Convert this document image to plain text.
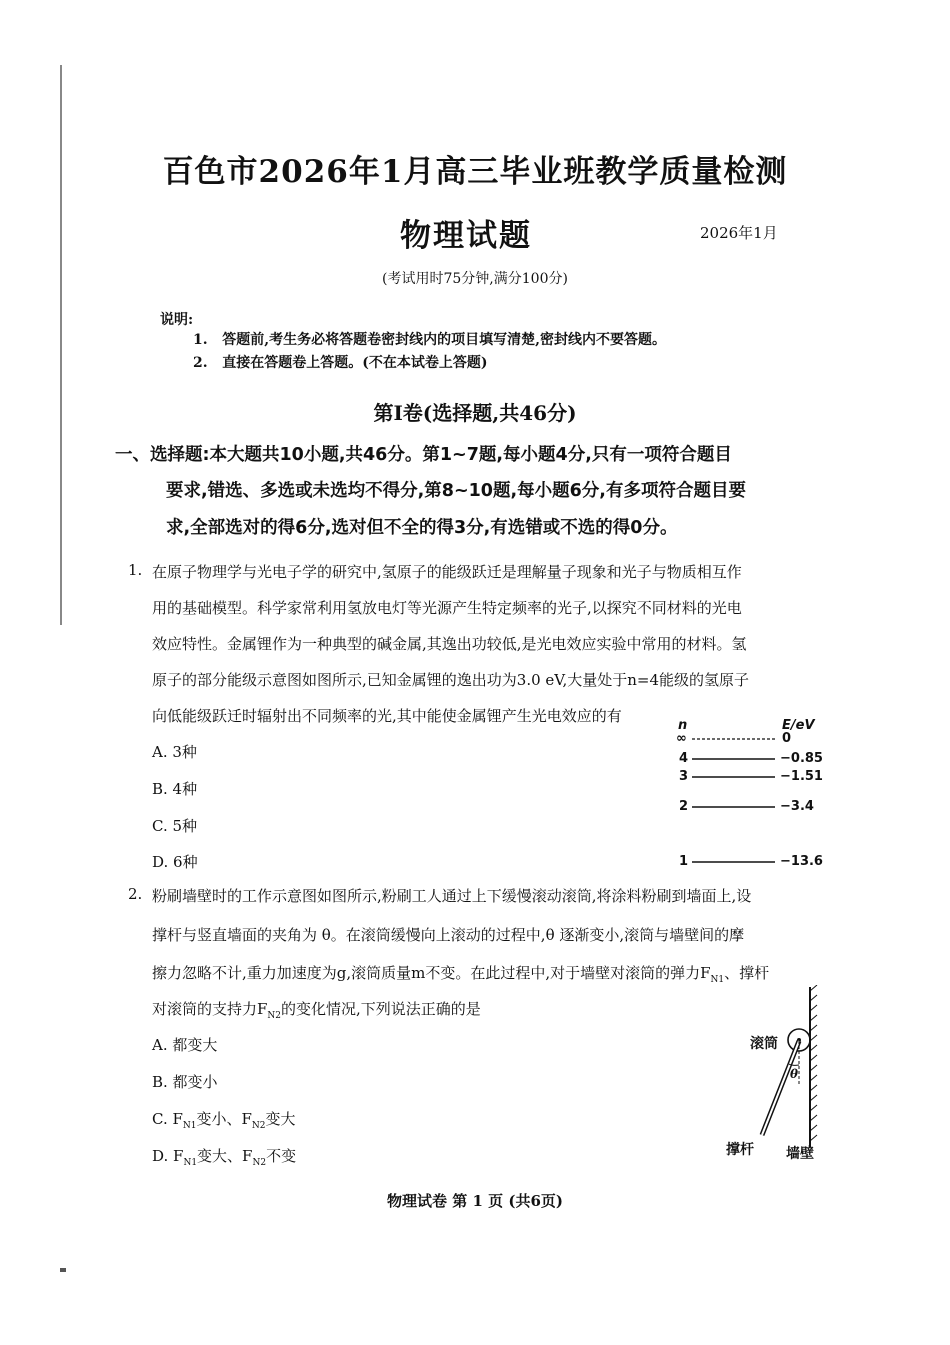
百色市2026年1月高三毕业班教学质量检测
物理试题	2026年1月
(考试用时75分钟,满分100分)
说明:
1. 答题前,考生务必将答题卷密封线内的项目填写清楚,密封线内不要答题。
2. 直接在答题卷上答题。(不在本试卷上答题)
第Ⅰ卷(选择题,共46分)
一、选择题:本大题共10小题,共46分。第1~7题,每小题4分,只有一项符合题目
要求,错选、多选或未选均不得分,第8~10题,每小题6分,有多项符合题目要
求,全部选对的得6分,选对但不全的得3分,有选错或不选的得0分。
1. 在原子物理学与光电子学的研究中,氢原子的能级跃迁是理解量子现象和光子与物质相互作
用的基础模型。科学家常利用氢放电灯等光源产生特定频率的光子,以探究不同材料的光电
效应特性。金属锂作为一种典型的碱金属,其逸出功较低,是光电效应实验中常用的材料。氢
原子的部分能级示意图如图所示,已知金属锂的逸出功为3.0 eV,大量处于n=4能级的氢原子
向低能级跃迁时辐射出不同频率的光,其中能使金属锂产生光电效应的有
A. 3种
B. 4种
C. 5种
D. 6种
n	E/eV
∞	0
4	−0.85
3	−1.51
2	−3.4
1	−13.6
2. 粉刷墙壁时的工作示意图如图所示,粉刷工人通过上下缓慢滚动滚筒,将涂料粉刷到墙面上,设
撑杆与竖直墙面的夹角为 θ。在滚筒缓慢向上滚动的过程中,θ 逐渐变小,滚筒与墙壁间的摩
擦力忽略不计,重力加速度为g,滚筒质量m不变。在此过程中,对于墙壁对滚筒的弹力$F_{N1}$、撑杆
对滚筒的支持力$F_{N2}$的变化情况,下列说法正确的是
A. 都变大
B. 都变小
C. $F_{N1}$变小、$F_{N2}$变大
D. $F_{N1}$变大、$F_{N2}$不变
滚筒
θ
撑杆 墙壁
物理试卷 第 1 页 (共6页)
